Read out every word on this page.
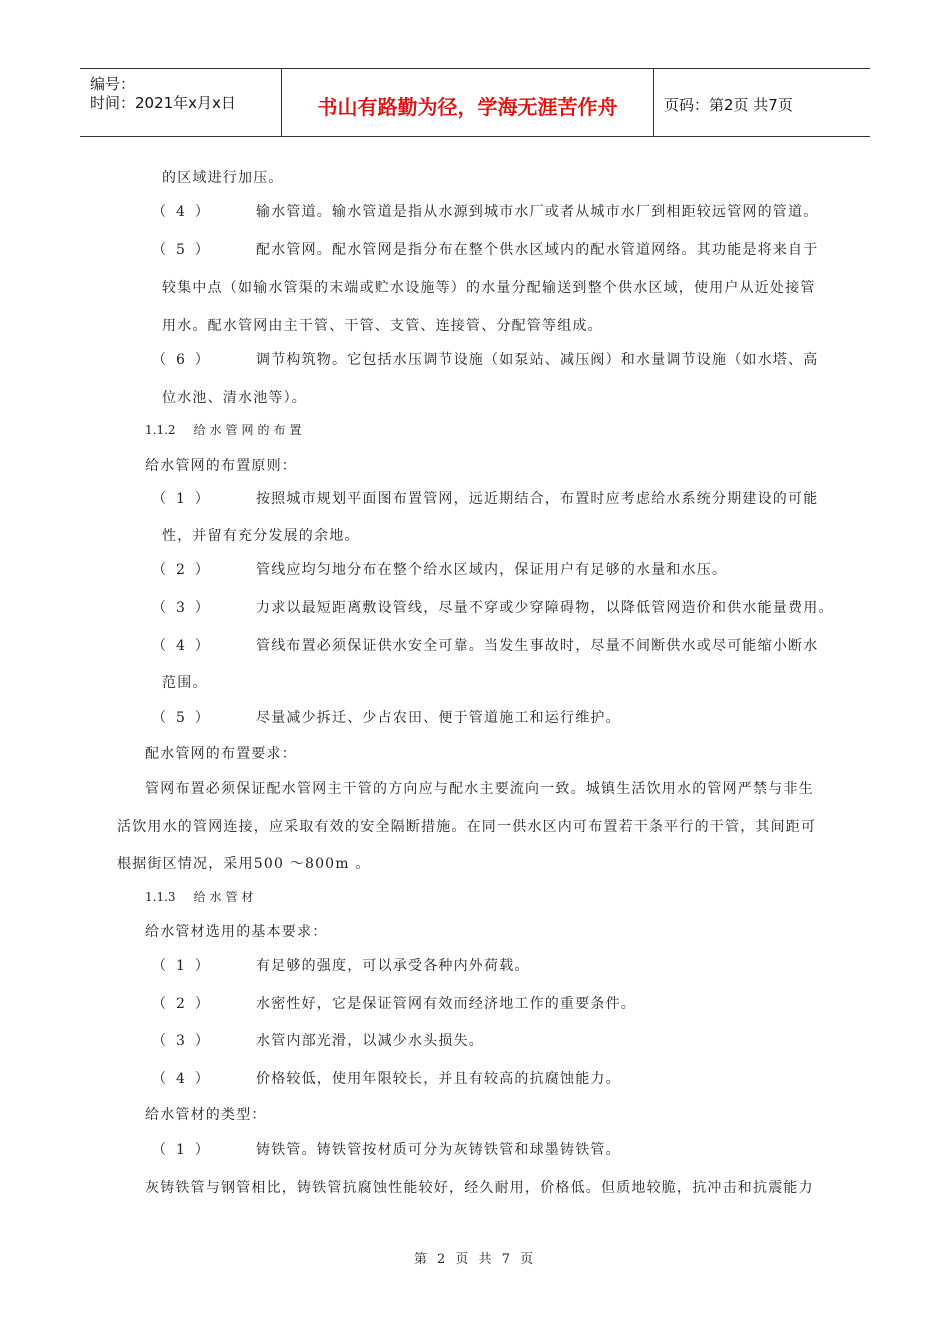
编号：
时间：2021年x月x日	书山有路勤为径，学海无涯苦作舟	页码：第2页 共7页
的区域进行加压。
（4）	输水管道。输水管道是指从水源到城市水厂或者从城市水厂到相距较远管网的管道。
（5）	配水管网。配水管网是指分布在整个供水区域内的配水管道网络。其功能是将来自于
较集中点（如输水管渠的末端或贮水设施等）的水量分配输送到整个供水区域，使用户从近处接管
用水。配水管网由主干管、干管、支管、连接管、分配管等组成。
（6）	调节构筑物。它包括水压调节设施（如泵站、减压阀）和水量调节设施（如水塔、高
位水池、清水池等）。
1.1.2 给水管网的布置
给水管网的布置原则：
（1）	按照城市规划平面图布置管网，远近期结合，布置时应考虑给水系统分期建设的可能
性，并留有充分发展的余地。
（2）	管线应均匀地分布在整个给水区域内，保证用户有足够的水量和水压。
（3）	力求以最短距离敷设管线，尽量不穿或少穿障碍物，以降低管网造价和供水能量费用。
（4）	管线布置必须保证供水安全可靠。当发生事故时，尽量不间断供水或尽可能缩小断水
范围。
（5）	尽量减少拆迁、少占农田、便于管道施工和运行维护。
配水管网的布置要求：
管网布置必须保证配水管网主干管的方向应与配水主要流向一致。城镇生活饮用水的管网严禁与非生
活饮用水的管网连接，应采取有效的安全隔断措施。在同一供水区内可布置若干条平行的干管，其间距可
根据街区情况，采用500 ～800m 。
1.1.3 给水管材
给水管材选用的基本要求：
（1）	有足够的强度，可以承受各种内外荷载。
（2）	水密性好，它是保证管网有效而经济地工作的重要条件。
（3）	水管内部光滑，以减少水头损失。
（4）	价格较低，使用年限较长，并且有较高的抗腐蚀能力。
给水管材的类型：
（1）	铸铁管。铸铁管按材质可分为灰铸铁管和球墨铸铁管。
灰铸铁管与钢管相比，铸铁管抗腐蚀性能较好，经久耐用，价格低。但质地较脆，抗冲击和抗震能力
第 2 页 共 7 页
